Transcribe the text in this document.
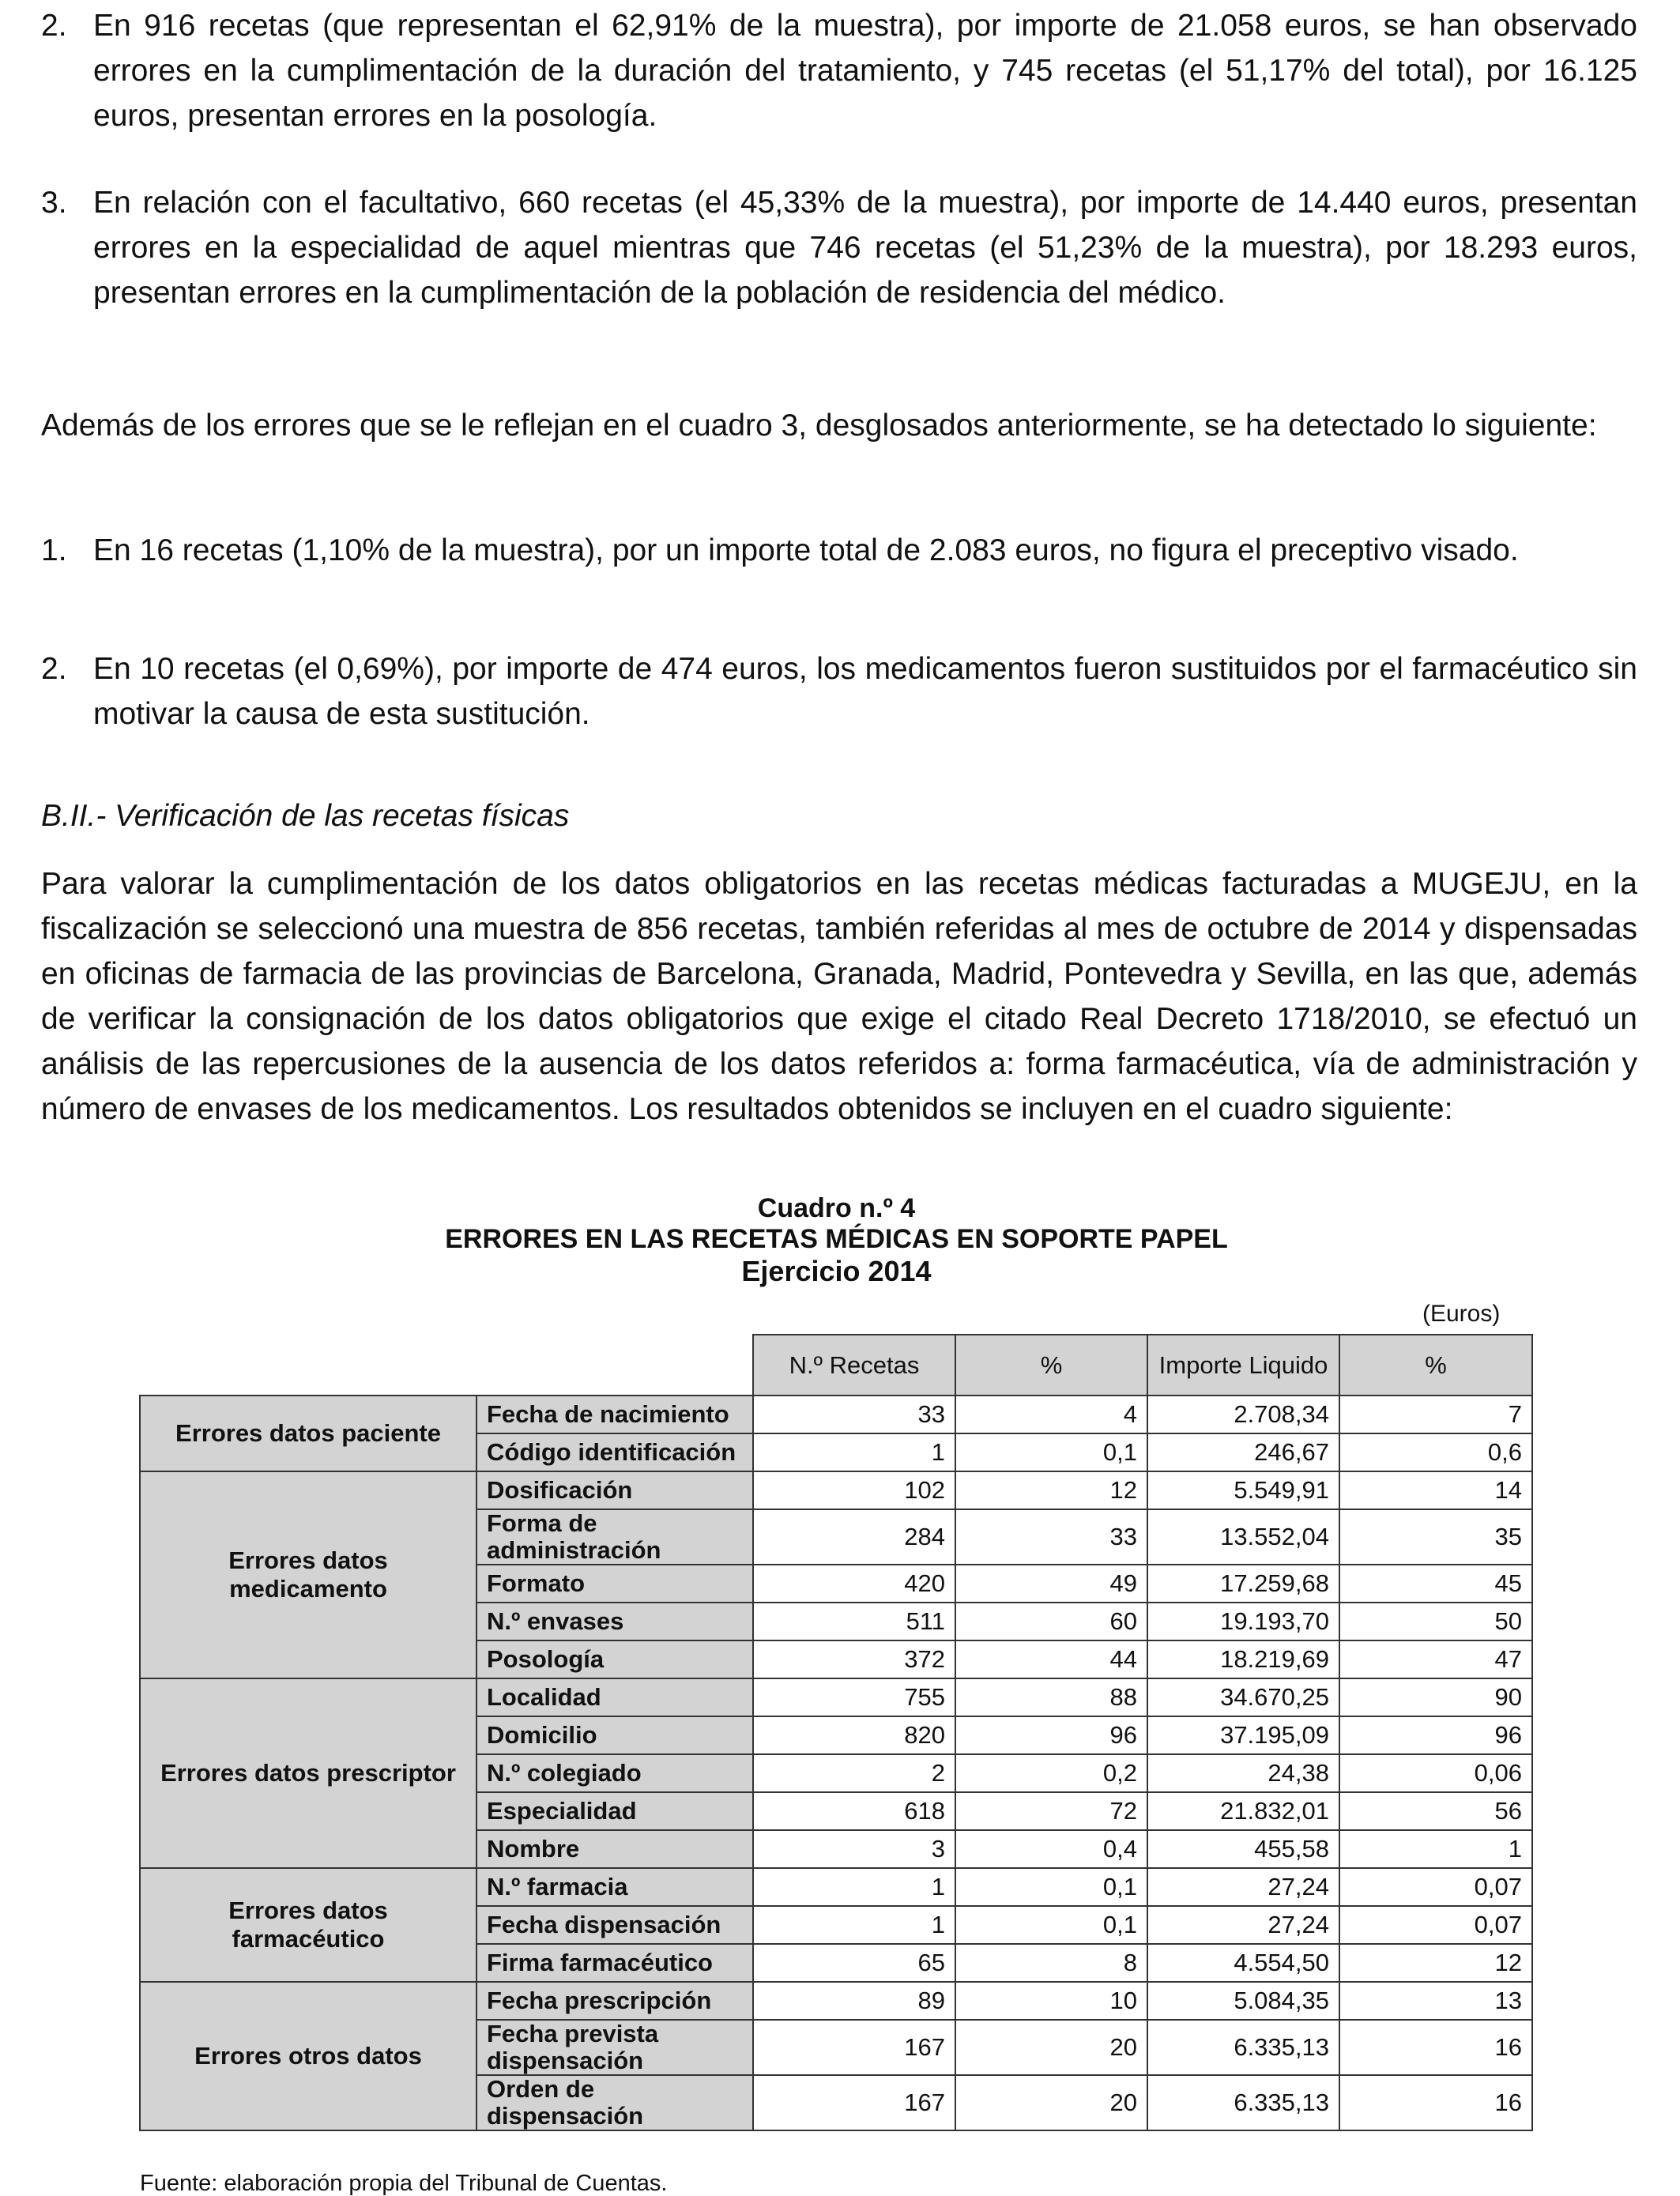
2. En 916 recetas (que representan el 62,91% de la muestra), por importe de 21.058 euros, se han observado errores en la cumplimentación de la duración del tratamiento, y 745 recetas (el 51,17% del total), por 16.125 euros, presentan errores en la posología.
3. En relación con el facultativo, 660 recetas (el 45,33% de la muestra), por importe de 14.440 euros, presentan errores en la especialidad de aquel mientras que 746 recetas (el 51,23% de la muestra), por 18.293 euros, presentan errores en la cumplimentación de la población de residencia del médico.

Además de los errores que se le reflejan en el cuadro 3, desglosados anteriormente, se ha detectado lo siguiente:

1. En 16 recetas (1,10% de la muestra), por un importe total de 2.083 euros, no figura el preceptivo visado.
2. En 10 recetas (el 0,69%), por importe de 474 euros, los medicamentos fueron sustituidos por el farmacéutico sin motivar la causa de esta sustitución.
B.II.- Verificación de las recetas físicas

Para valorar la cumplimentación de los datos obligatorios en las recetas médicas facturadas a MUGEJU, en la fiscalización se seleccionó una muestra de 856 recetas, también referidas al mes de octubre de 2014 y dispensadas en oficinas de farmacia de las provincias de Barcelona, Granada, Madrid, Pontevedra y Sevilla, en las que, además de verificar la consignación de los datos obligatorios que exige el citado Real Decreto 1718/2010, se efectuó un análisis de las repercusiones de la ausencia de los datos referidos a: forma farmacéutica, vía de administración y número de envases de los medicamentos. Los resultados obtenidos se incluyen en el cuadro siguiente:

Cuadro n.º 4
ERRORES EN LAS RECETAS MÉDICAS EN SOPORTE PAPEL
Ejercicio 2014
(Euros)
			N.º Recetas	%	Importe Liquido	%
	Errores datos paciente	Fecha de nacimiento	33	4	2.708,34	7
		Código identificación	1	0,1	246,67	0,6
	Errores datos medicamento	Dosificación	102	12	5.549,91	14
		Forma de administración	284	33	13.552,04	35
		Formato	420	49	17.259,68	45
		N.º envases	511	60	19.193,70	50
		Posología	372	44	18.219,69	47
	Errores datos prescriptor	Localidad	755	88	34.670,25	90
		Domicilio	820	96	37.195,09	96
		N.º colegiado	2	0,2	24,38	0,06
		Especialidad	618	72	21.832,01	56
		Nombre	3	0,4	455,58	1
	Errores datos farmacéutico	N.º farmacia	1	0,1	27,24	0,07
		Fecha dispensación	1	0,1	27,24	0,07
		Firma farmacéutico	65	8	4.554,50	12
	Errores otros datos	Fecha prescripción	89	10	5.084,35	13
		Fecha prevista dispensación	167	20	6.335,13	16
		Orden de dispensación	167	20	6.335,13	16
Fuente: elaboración propia del Tribunal de Cuentas.
